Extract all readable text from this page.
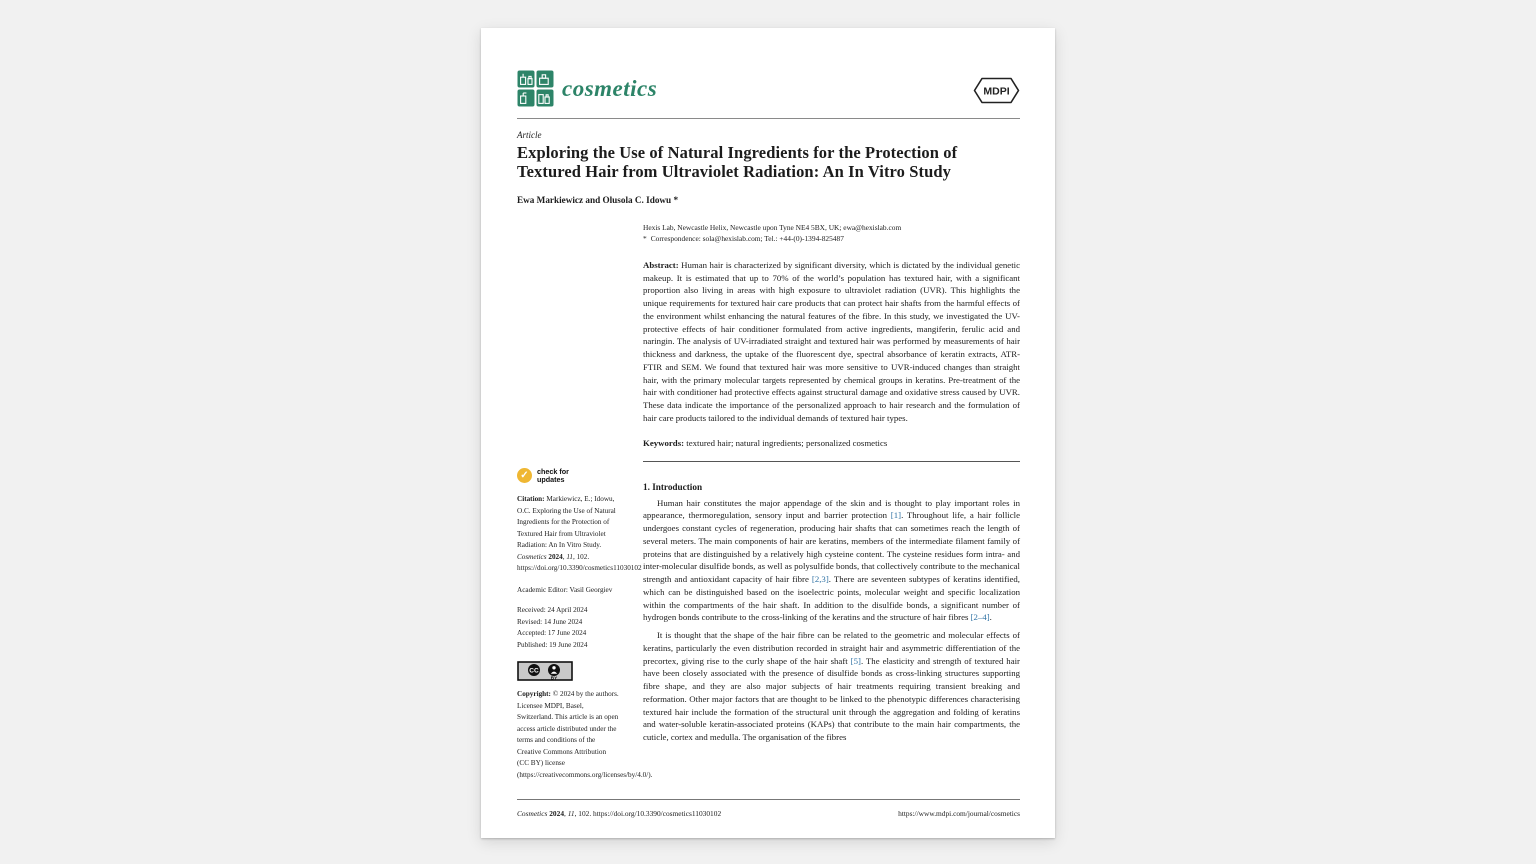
cosmetics	MDPI
Article
Exploring the Use of Natural Ingredients for the Protection of Textured Hair from Ultraviolet Radiation: An In Vitro Study
Ewa Markiewicz and Olusola C. Idowu *
✓	check for
updates
Citation: Markiewicz, E.; Idowu, O.C. Exploring the Use of Natural Ingredients for the Protection of Textured Hair from Ultraviolet Radiation: An In Vitro Study. Cosmetics 2024, 11, 102. https://doi.org/10.3390/cosmetics11030102
Academic Editor: Vasil Georgiev
Received: 24 April 2024
Revised: 14 June 2024
Accepted: 17 June 2024
Published: 19 June 2024
CC
BY
Copyright: © 2024 by the authors. Licensee MDPI, Basel, Switzerland. This article is an open access article distributed under the terms and conditions of the Creative Commons Attribution (CC BY) license (https://creativecommons.org/licenses/by/4.0/).
Hexis Lab, Newcastle Helix, Newcastle upon Tyne NE4 5BX, UK; ewa@hexislab.com
* Correspondence: sola@hexislab.com; Tel.: +44-(0)-1394-825487
Abstract: Human hair is characterized by significant diversity, which is dictated by the individual genetic makeup. It is estimated that up to 70% of the world’s population has textured hair, with a significant proportion also living in areas with high exposure to ultraviolet radiation (UVR). This highlights the unique requirements for textured hair care products that can protect hair shafts from the harmful effects of the environment whilst enhancing the natural features of the fibre. In this study, we investigated the UV-protective effects of hair conditioner formulated from active ingredients, mangiferin, ferulic acid and naringin. The analysis of UV-irradiated straight and textured hair was performed by measurements of hair thickness and darkness, the uptake of the fluorescent dye, spectral absorbance of keratin extracts, ATR-FTIR and SEM. We found that textured hair was more sensitive to UVR-induced changes than straight hair, with the primary molecular targets represented by chemical groups in keratins. Pre-treatment of the hair with conditioner had protective effects against structural damage and oxidative stress caused by UVR. These data indicate the importance of the personalized approach to hair research and the formulation of hair care products tailored to the individual demands of textured hair types.
Keywords: textured hair; natural ingredients; personalized cosmetics
1. Introduction
Human hair constitutes the major appendage of the skin and is thought to play important roles in appearance, thermoregulation, sensory input and barrier protection [1]. Throughout life, a hair follicle undergoes constant cycles of regeneration, producing hair shafts that can sometimes reach the length of several meters. The main components of hair are keratins, members of the intermediate filament family of proteins that are distinguished by a relatively high cysteine content. The cysteine residues form intra- and inter-molecular disulfide bonds, as well as polysulfide bonds, that collectively contribute to the mechanical strength and antioxidant capacity of hair fibre [2,3]. There are seventeen subtypes of keratins identified, which can be distinguished based on the isoelectric points, molecular weight and specific localization within the compartments of the hair shaft. In addition to the disulfide bonds, a significant number of hydrogen bonds contribute to the cross-linking of the keratins and the structure of hair fibres [2–4].
It is thought that the shape of the hair fibre can be related to the geometric and molecular effects of keratins, particularly the even distribution recorded in straight hair and asymmetric differentiation of the precortex, giving rise to the curly shape of the hair shaft [5]. The elasticity and strength of textured hair have been closely associated with the presence of disulfide bonds as cross-linking structures supporting fibre shape, and they are also major subjects of hair treatments requiring transient breaking and reformation. Other major factors that are thought to be linked to the phenotypic differences characterising textured hair include the formation of the structural unit through the aggregation and folding of keratins and water-soluble keratin-associated proteins (KAPs) that contribute to the main hair compartments, the cuticle, cortex and medulla. The organisation of the fibres
Cosmetics 2024, 11, 102. https://doi.org/10.3390/cosmetics11030102	https://www.mdpi.com/journal/cosmetics
